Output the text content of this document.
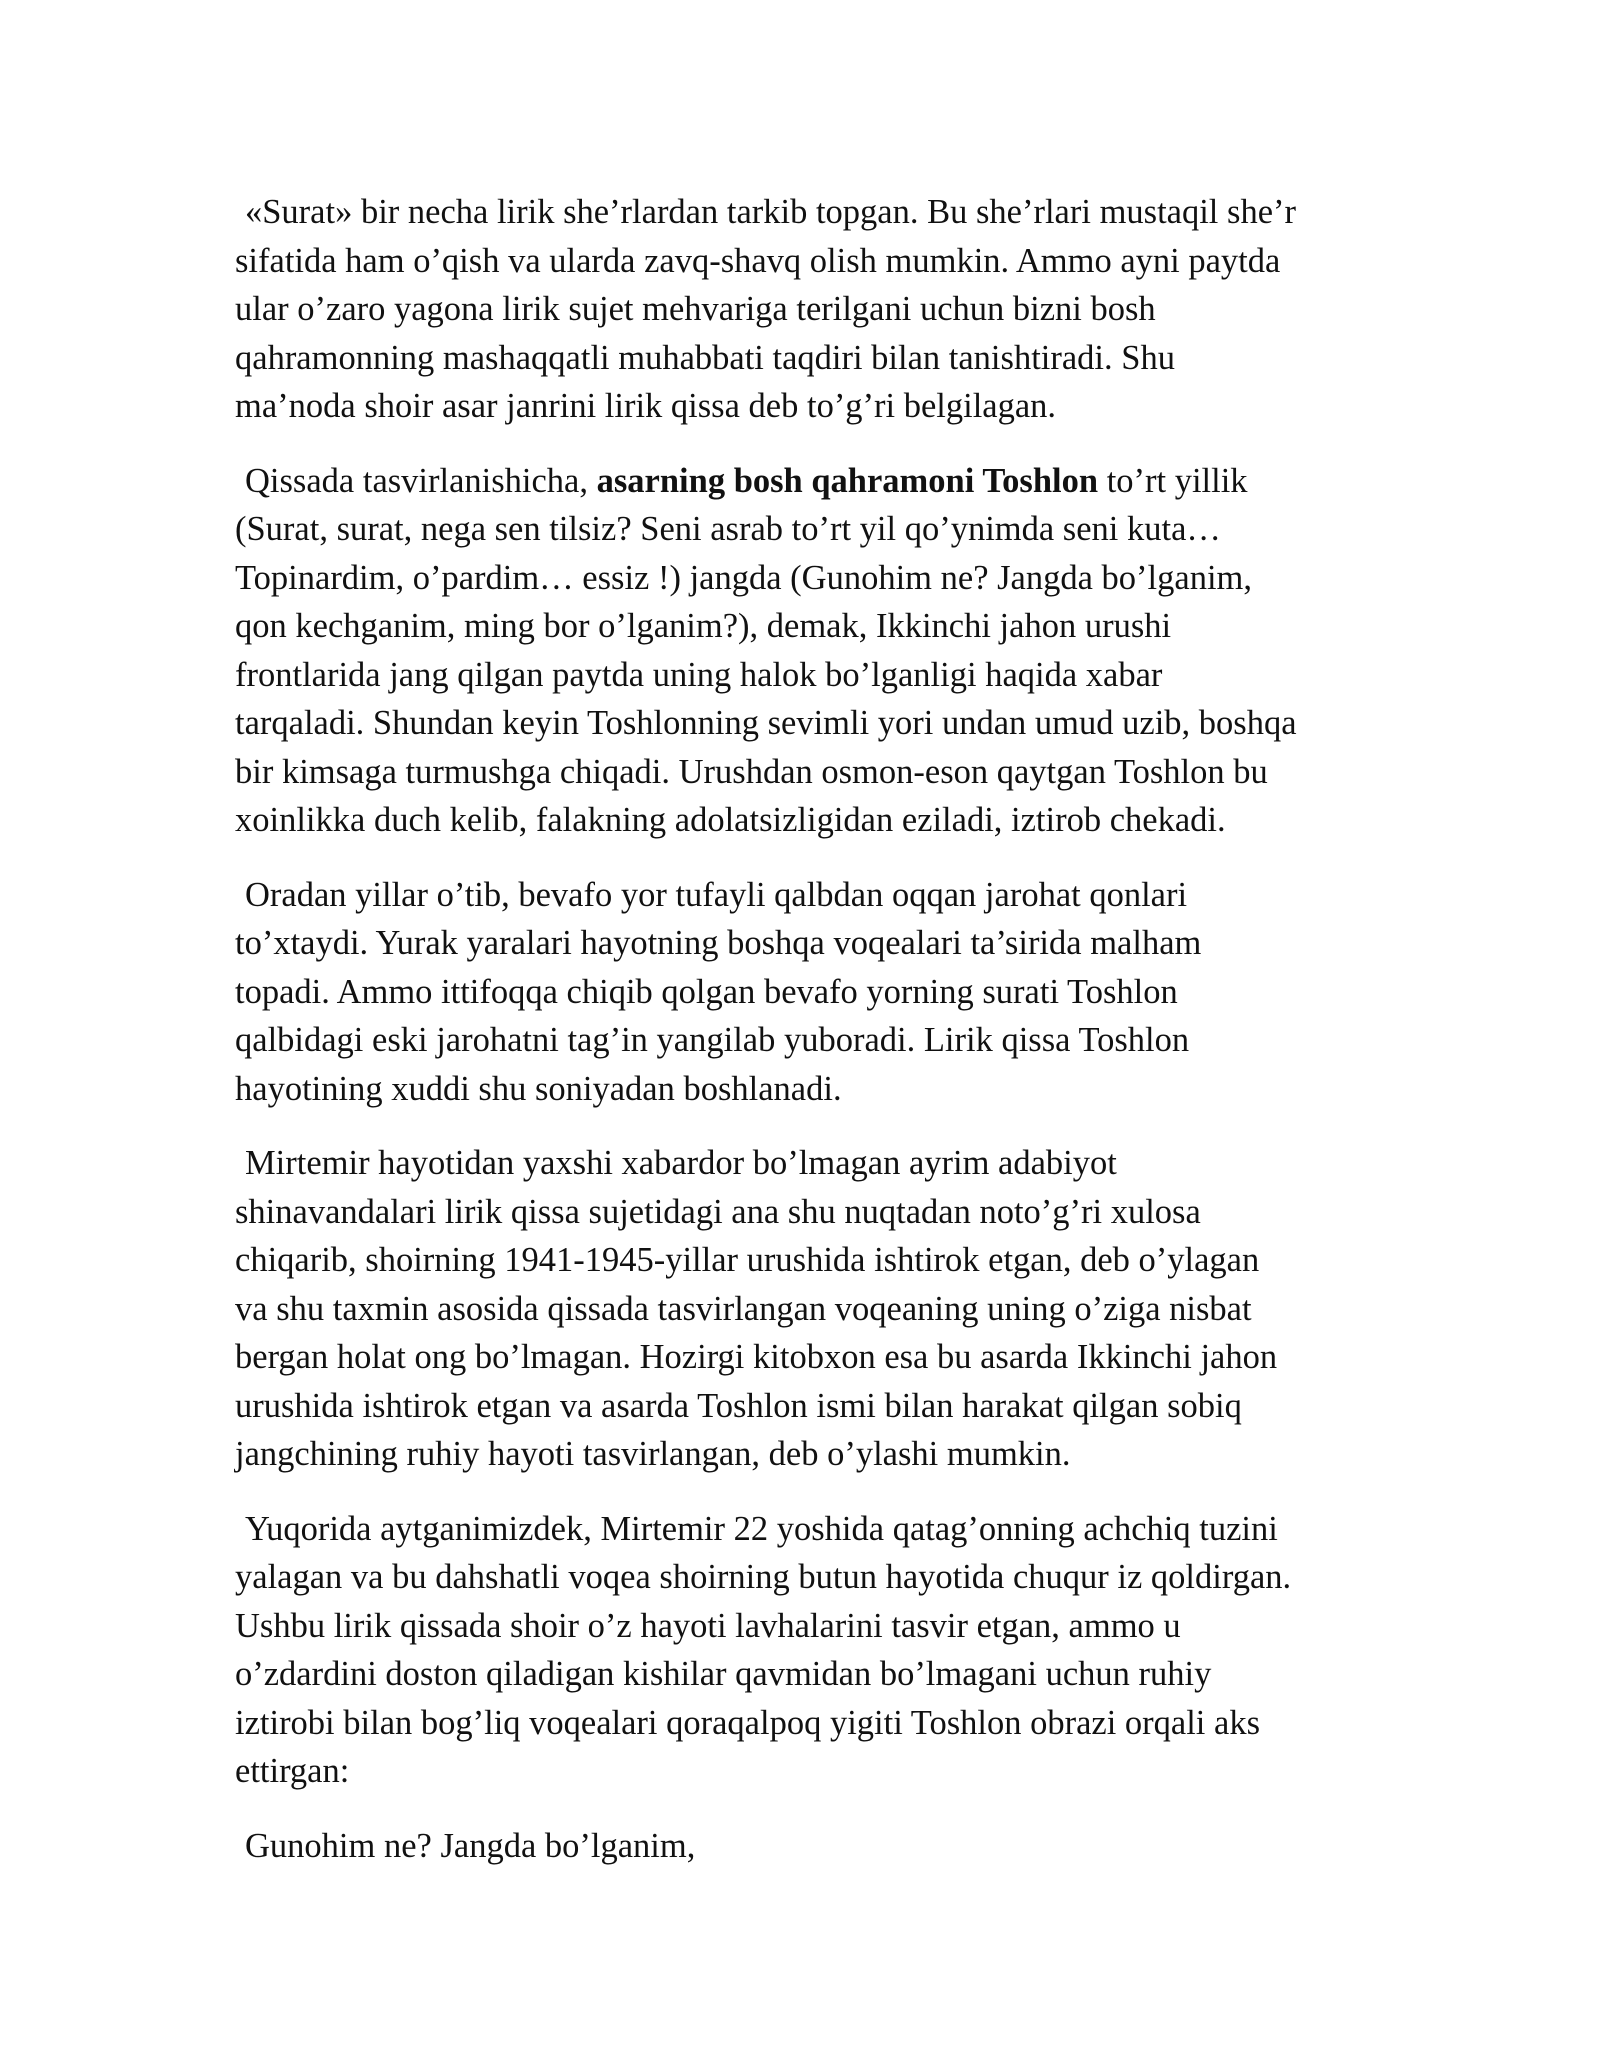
«Surat» bir necha lirik she’rlardan tarkib topgan. Bu she’rlari mustaqil she’r
sifatida ham o’qish va ularda zavq-shavq olish mumkin. Ammo ayni paytda
ular o’zaro yagona lirik sujet mehvariga terilgani uchun bizni bosh
qahramonning mashaqqatli muhabbati taqdiri bilan tanishtiradi. Shu
ma’noda shoir asar janrini lirik qissa deb to’g’ri belgilagan.

Qissada tasvirlanishicha, asarning bosh qahramoni Toshlon to’rt yillik
(Surat, surat, nega sen tilsiz? Seni asrab to’rt yil qo’ynimda seni kuta…
Topinardim, o’pardim… essiz !) jangda (Gunohim ne? Jangda bo’lganim,
qon kechganim, ming bor o’lganim?), demak, Ikkinchi jahon urushi
frontlarida jang qilgan paytda uning halok bo’lganligi haqida xabar
tarqaladi. Shundan keyin Toshlonning sevimli yori undan umud uzib, boshqa
bir kimsaga turmushga chiqadi. Urushdan osmon-eson qaytgan Toshlon bu
xoinlikka duch kelib, falakning adolatsizligidan eziladi, iztirob chekadi.

Oradan yillar o’tib, bevafo yor tufayli qalbdan oqqan jarohat qonlari
to’xtaydi. Yurak yaralari hayotning boshqa voqealari ta’sirida malham
topadi. Ammo ittifoqqa chiqib qolgan bevafo yorning surati Toshlon
qalbidagi eski jarohatni tag’in yangilab yuboradi. Lirik qissa Toshlon
hayotining xuddi shu soniyadan boshlanadi.

Mirtemir hayotidan yaxshi xabardor bo’lmagan ayrim adabiyot
shinavandalari lirik qissa sujetidagi ana shu nuqtadan noto’g’ri xulosa
chiqarib, shoirning 1941-1945-yillar urushida ishtirok etgan, deb o’ylagan
va shu taxmin asosida qissada tasvirlangan voqeaning uning o’ziga nisbat
bergan holat ong bo’lmagan. Hozirgi kitobxon esa bu asarda Ikkinchi jahon
urushida ishtirok etgan va asarda Toshlon ismi bilan harakat qilgan sobiq
jangchining ruhiy hayoti tasvirlangan, deb o’ylashi mumkin.

Yuqorida aytganimizdek, Mirtemir 22 yoshida qatag’onning achchiq tuzini
yalagan va bu dahshatli voqea shoirning butun hayotida chuqur iz qoldirgan.
Ushbu lirik qissada shoir o’z hayoti lavhalarini tasvir etgan, ammo u
o’zdardini doston qiladigan kishilar qavmidan bo’lmagani uchun ruhiy
iztirobi bilan bog’liq voqealari qoraqalpoq yigiti Toshlon obrazi orqali aks
ettirgan:

Gunohim ne? Jangda bo’lganim,
